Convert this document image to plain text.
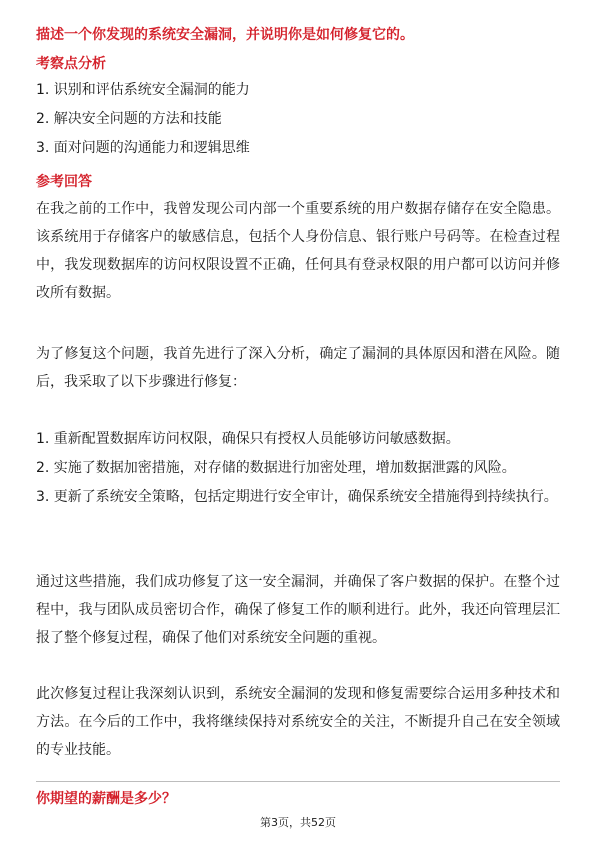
描述一个你发现的系统安全漏洞，并说明你是如何修复它的。
考察点分析
1. 识别和评估系统安全漏洞的能力
2. 解决安全问题的方法和技能
3. 面对问题的沟通能力和逻辑思维
参考回答
在我之前的工作中，我曾发现公司内部一个重要系统的用户数据存储存在安全隐患。该系统用于存储客户的敏感信息，包括个人身份信息、银行账户号码等。在检查过程中，我发现数据库的访问权限设置不正确，任何具有登录权限的用户都可以访问并修改所有数据。
为了修复这个问题，我首先进行了深入分析，确定了漏洞的具体原因和潜在风险。随后，我采取了以下步骤进行修复：
1. 重新配置数据库访问权限，确保只有授权人员能够访问敏感数据。
2. 实施了数据加密措施，对存储的数据进行加密处理，增加数据泄露的风险。
3. 更新了系统安全策略，包括定期进行安全审计，确保系统安全措施得到持续执行。
通过这些措施，我们成功修复了这一安全漏洞，并确保了客户数据的保护。在整个过程中，我与团队成员密切合作，确保了修复工作的顺利进行。此外，我还向管理层汇报了整个修复过程，确保了他们对系统安全问题的重视。
此次修复过程让我深刻认识到，系统安全漏洞的发现和修复需要综合运用多种技术和方法。在今后的工作中，我将继续保持对系统安全的关注，不断提升自己在安全领域的专业技能。
你期望的薪酬是多少？
第3页，共52页
